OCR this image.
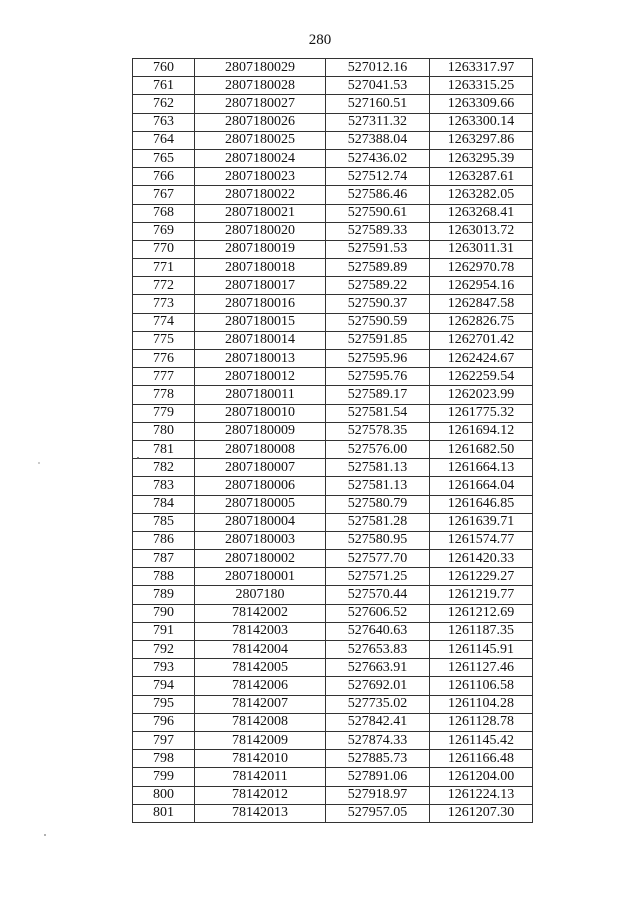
280
760	2807180029	527012.16	1263317.97
761	2807180028	527041.53	1263315.25
762	2807180027	527160.51	1263309.66
763	2807180026	527311.32	1263300.14
764	2807180025	527388.04	1263297.86
765	2807180024	527436.02	1263295.39
766	2807180023	527512.74	1263287.61
767	2807180022	527586.46	1263282.05
768	2807180021	527590.61	1263268.41
769	2807180020	527589.33	1263013.72
770	2807180019	527591.53	1263011.31
771	2807180018	527589.89	1262970.78
772	2807180017	527589.22	1262954.16
773	2807180016	527590.37	1262847.58
774	2807180015	527590.59	1262826.75
775	2807180014	527591.85	1262701.42
776	2807180013	527595.96	1262424.67
777	2807180012	527595.76	1262259.54
778	2807180011	527589.17	1262023.99
779	2807180010	527581.54	1261775.32
780	2807180009	527578.35	1261694.12
781	2807180008	527576.00	1261682.50
782	2807180007	527581.13	1261664.13
783	2807180006	527581.13	1261664.04
784	2807180005	527580.79	1261646.85
785	2807180004	527581.28	1261639.71
786	2807180003	527580.95	1261574.77
787	2807180002	527577.70	1261420.33
788	2807180001	527571.25	1261229.27
789	2807180	527570.44	1261219.77
790	78142002	527606.52	1261212.69
791	78142003	527640.63	1261187.35
792	78142004	527653.83	1261145.91
793	78142005	527663.91	1261127.46
794	78142006	527692.01	1261106.58
795	78142007	527735.02	1261104.28
796	78142008	527842.41	1261128.78
797	78142009	527874.33	1261145.42
798	78142010	527885.73	1261166.48
799	78142011	527891.06	1261204.00
800	78142012	527918.97	1261224.13
801	78142013	527957.05	1261207.30
